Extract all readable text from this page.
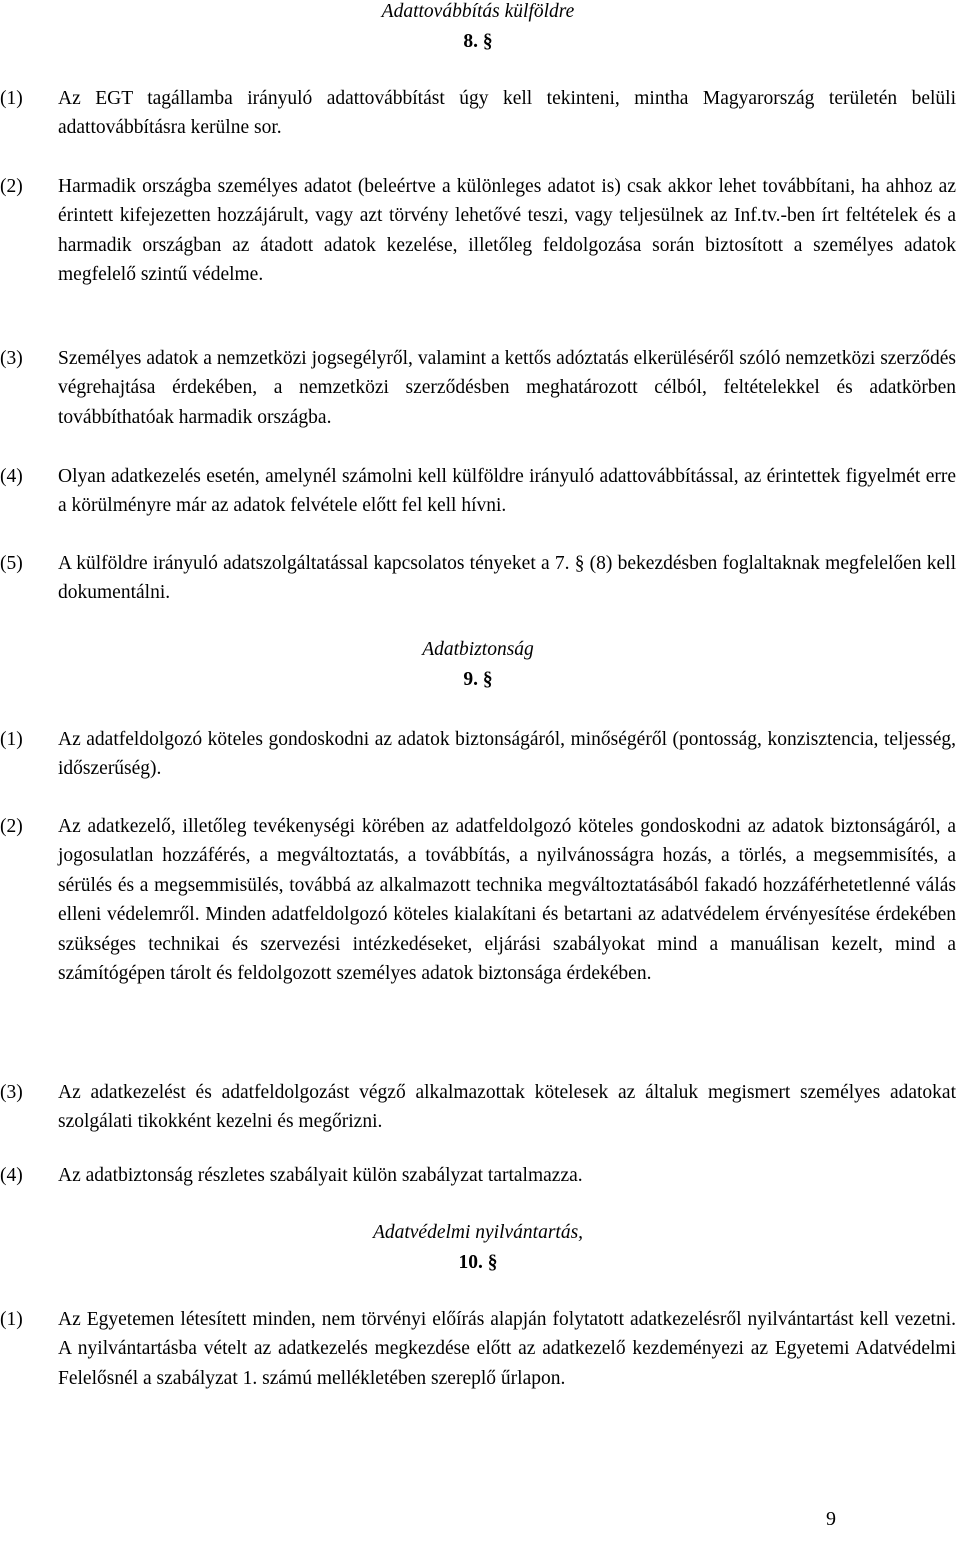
Adattovábbítás külföldre
8. §
(1) Az EGT tagállamba irányuló adattovábbítást úgy kell tekinteni, mintha Magyarország területén belüli adattovábbításra kerülne sor.
(2) Harmadik országba személyes adatot (beleértve a különleges adatot is) csak akkor lehet továbbítani, ha ahhoz az érintett kifejezetten hozzájárult, vagy azt törvény lehetővé teszi, vagy teljesülnek az Inf.tv.-ben írt feltételek és a harmadik országban az átadott adatok kezelése, illetőleg feldolgozása során biztosított a személyes adatok megfelelő szintű védelme.
(3) Személyes adatok a nemzetközi jogsegélyről, valamint a kettős adóztatás elkerüléséről szóló nemzetközi szerződés végrehajtása érdekében, a nemzetközi szerződésben meghatározott célból, feltételekkel és adatkörben továbbíthatóak harmadik országba.
(4) Olyan adatkezelés esetén, amelynél számolni kell külföldre irányuló adattovábbítással, az érintettek figyelmét erre a körülményre már az adatok felvétele előtt fel kell hívni.
(5) A külföldre irányuló adatszolgáltatással kapcsolatos tényeket a 7. § (8) bekezdésben foglaltaknak megfelelően kell dokumentálni.
Adatbiztonság
9. §
(1) Az adatfeldolgozó köteles gondoskodni az adatok biztonságáról, minőségéről (pontosság, konzisztencia, teljesség, időszerűség).
(2) Az adatkezelő, illetőleg tevékenységi körében az adatfeldolgozó köteles gondoskodni az adatok biztonságáról, a jogosulatlan hozzáférés, a megváltoztatás, a továbbítás, a nyilvánosságra hozás, a törlés, a megsemmisítés, a sérülés és a megsemmisülés, továbbá az alkalmazott technika megváltoztatásából fakadó hozzáférhetetlenné válás elleni védelemről. Minden adatfeldolgozó köteles kialakítani és betartani az adatvédelem érvényesítése érdekében szükséges technikai és szervezési intézkedéseket, eljárási szabályokat mind a manuálisan kezelt, mind a számítógépen tárolt és feldolgozott személyes adatok biztonsága érdekében.
(3) Az adatkezelést és adatfeldolgozást végző alkalmazottak kötelesek az általuk megismert személyes adatokat szolgálati tikokként kezelni és megőrizni.
(4) Az adatbiztonság részletes szabályait külön szabályzat tartalmazza.
Adatvédelmi nyilvántartás,
10. §
(1) Az Egyetemen létesített minden, nem törvényi előírás alapján folytatott adatkezelésről nyilvántartást kell vezetni. A nyilvántartásba vételt az adatkezelés megkezdése előtt az adatkezelő kezdeményezi az Egyetemi Adatvédelmi Felelősnél a szabályzat 1. számú mellékletében szereplő űrlapon.
9
